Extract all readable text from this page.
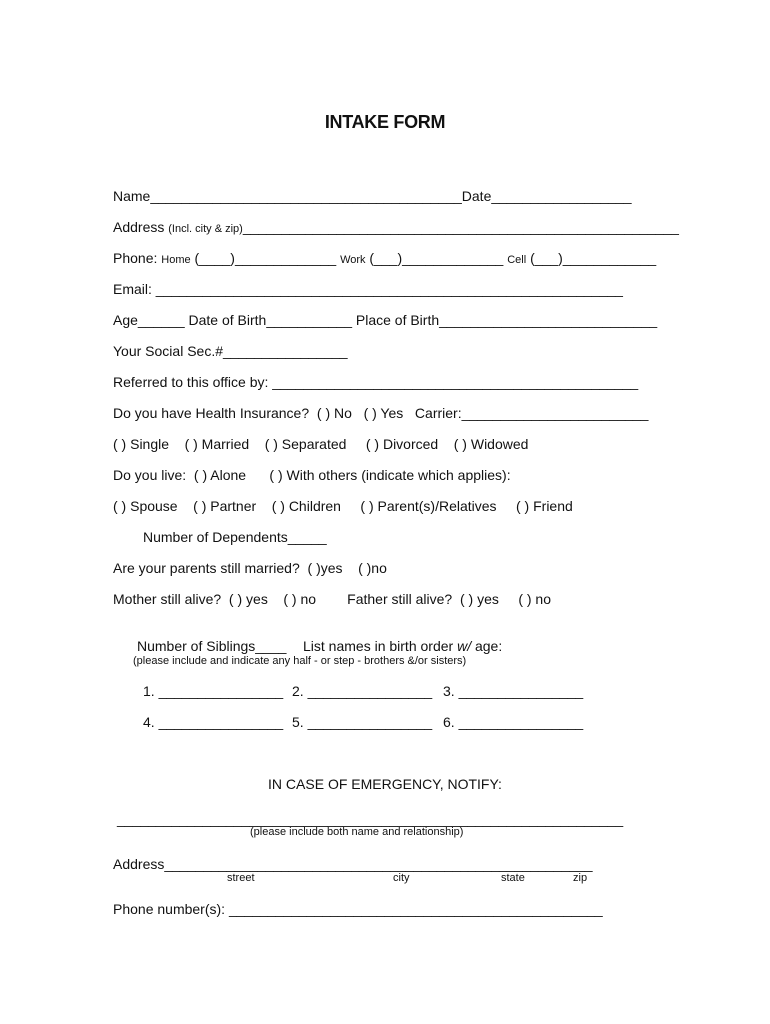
INTAKE FORM
Name________________________________________Date__________________
Address (Incl. city & zip)________________________________________________________
Phone: Home (____)_____________ Work (___)_____________ Cell (___)____________
Email: ____________________________________________________________
Age______ Date of Birth___________ Place of Birth____________________________
Your Social Sec.#________________
Referred to this office by: _______________________________________________
Do you have Health Insurance?  ( ) No   ( ) Yes   Carrier:________________________
( ) Single    ( ) Married    ( ) Separated     ( ) Divorced    ( ) Widowed
Do you live:  ( ) Alone      ( ) With others (indicate which applies):
( ) Spouse    ( ) Partner    ( ) Children     ( ) Parent(s)/Relatives     ( ) Friend
Number of Dependents_____
Are your parents still married?  ( )yes    ( )no
Mother still alive?  ( ) yes    ( ) no        Father still alive?  ( ) yes     ( ) no
Number of Siblings____ List names in birth order w/ age:
(please include and indicate any half - or step - brothers &/or sisters)
1. ________________ 2. ________________ 3. ________________
4. ________________ 5. ________________ 6. ________________
IN CASE OF EMERGENCY, NOTIFY:
_________________________________________________________________
(please include both name and relationship)
Address_______________________________________________________
street	city	state	zip
Phone number(s): ________________________________________________
